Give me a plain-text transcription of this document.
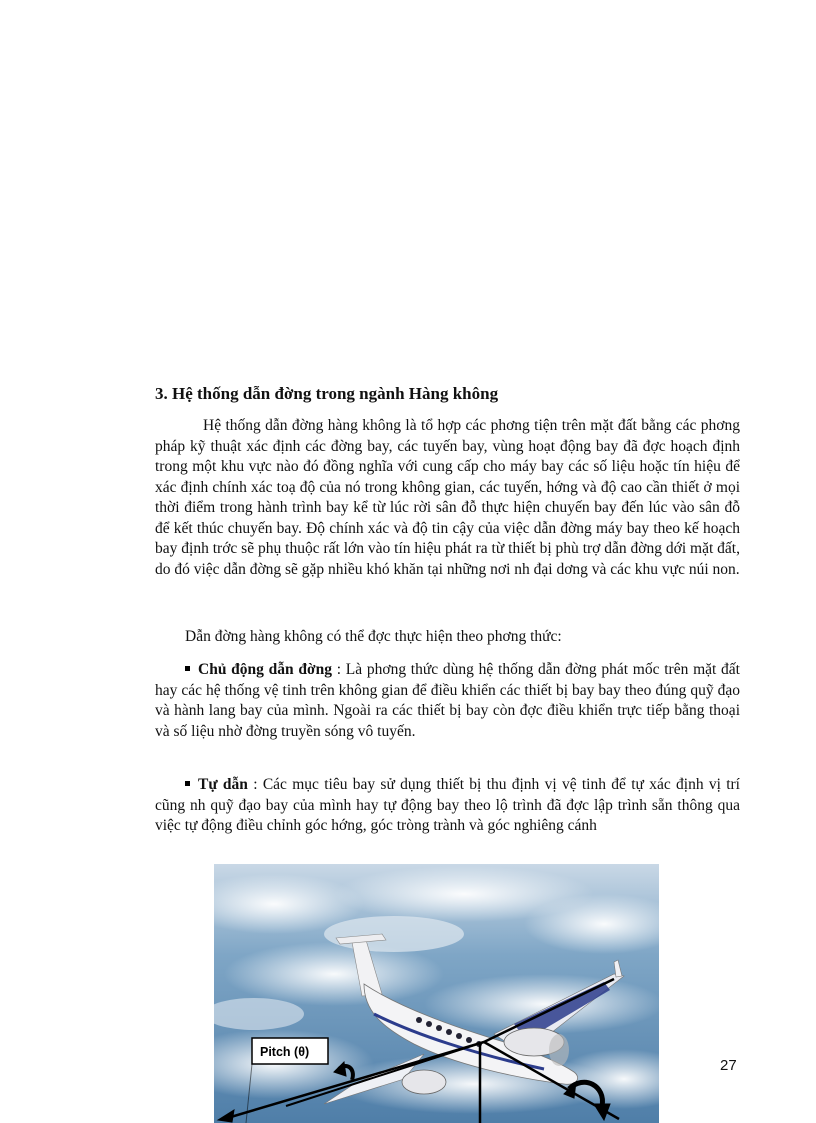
3. Hệ thống dẫn đờng trong ngành Hàng không
Hệ thống dẫn đờng hàng không là tổ hợp các phơng tiện trên mặt đất bằng các phơng pháp kỹ thuật xác định các đờng bay, các tuyến bay, vùng hoạt động bay đã đợc hoạch định trong một khu vực nào đó đồng nghĩa với cung cấp cho máy bay các số liệu hoặc tín hiệu để xác định chính xác toạ độ của nó trong không gian, các tuyến, hớng và độ cao cần thiết ở mọi thời điểm trong hành trình bay kể từ lúc rời sân đỗ thực hiện chuyến bay đến lúc vào sân đỗ để kết thúc chuyến bay. Độ chính xác và độ tin cậy của việc dẫn đờng máy bay theo kế hoạch bay định trớc sẽ phụ thuộc rất lớn vào tín hiệu phát ra từ thiết bị phù trợ dẫn đờng dới mặt đất, do đó việc dẫn đờng sẽ gặp nhiều khó khăn tại những nơi nh đại dơng và các khu vực núi non.
Dẫn đờng hàng không có thể đợc thực hiện theo phơng thức:
Chủ động dẫn đờng : Là phơng thức dùng hệ thống dẫn đờng phát mốc trên mặt đất hay các hệ thống vệ tinh trên không gian để điều khiển các thiết bị bay bay theo đúng quỹ đạo và hành lang bay của mình. Ngoài ra các thiết bị bay còn đợc điều khiển trực tiếp bằng thoại và số liệu nhờ đờng truyền sóng vô tuyến.
Tự dẫn : Các mục tiêu bay sử dụng thiết bị thu định vị vệ tinh để tự xác định vị trí cũng nh quỹ đạo bay của mình hay tự động bay theo lộ trình đã đợc lập trình sẵn thông qua việc tự động điều chỉnh góc hớng, góc tròng trành và góc nghiêng cánh
Pitch (θ)
27
